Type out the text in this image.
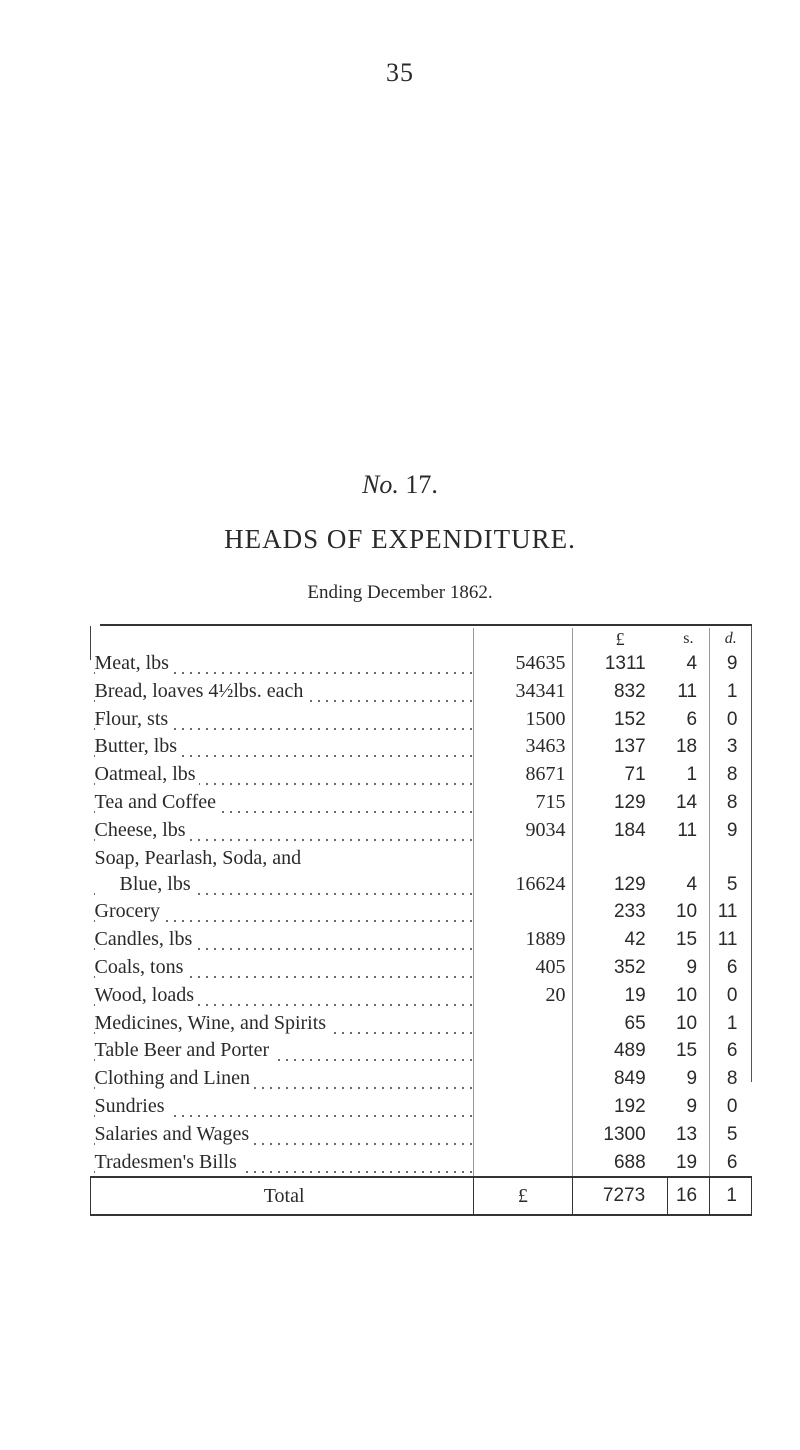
35
No. 17.
HEADS OF EXPENDITURE.
Ending December 1862.
		£	s.	d.
Meat, lbs	54635	1311	4	9
Bread, loaves 4½lbs. each	34341	832	11	1
Flour, sts	1500	152	6	0
Butter, lbs	3463	137	18	3
Oatmeal, lbs	8671	71	1	8
Tea and Coffee	715	129	14	8
Cheese, lbs	9034	184	11	9
Soap, Pearlash, Soda, and				
Blue, lbs	16624	129	4	5
Grocery		233	10	11
Candles, lbs	1889	42	15	11
Coals, tons	405	352	9	6
Wood, loads	20	19	10	0
Medicines, Wine, and Spirits		65	10	1
Table Beer and Porter		489	15	6
Clothing and Linen		849	9	8
Sundries		192	9	0
Salaries and Wages		1300	13	5
Tradesmen's Bills		688	19	6
Total	£	7273	16	1
